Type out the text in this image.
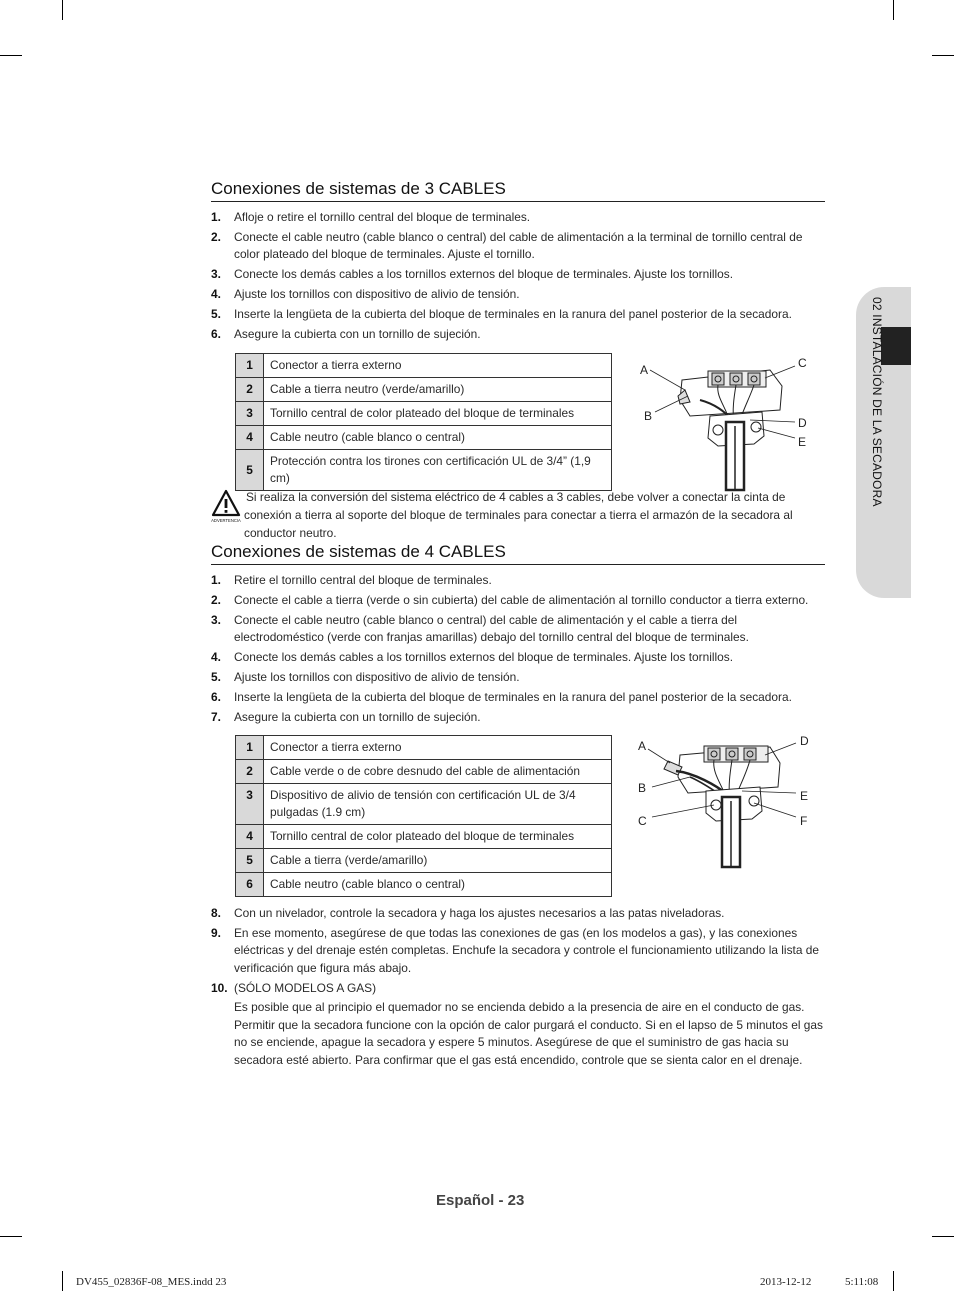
02 INSTALACIÓN DE LA SECADORA
Conexiones de sistemas de 3 CABLES
1. Afloje o retire el tornillo central del bloque de terminales.
2. Conecte el cable neutro (cable blanco o central) del cable de alimentación a la terminal de tornillo central de color plateado del bloque de terminales. Ajuste el tornillo.
3. Conecte los demás cables a los tornillos externos del bloque de terminales. Ajuste los tornillos.
4. Ajuste los tornillos con dispositivo de alivio de tensión.
5. Inserte la lengüeta de la cubierta del bloque de terminales en la ranura del panel posterior de la secadora.
6. Asegure la cubierta con un tornillo de sujeción.
1	Conector a tierra externo
2	Cable a tierra neutro (verde/amarillo)
3	Tornillo central de color plateado del bloque de terminales
4	Cable neutro (cable blanco o central)
5	Protección contra los tirones con certificación UL de 3/4” (1,9 cm)
A
B
C
D
E
ADVERTENCIA
Si realiza la conversión del sistema eléctrico de 4 cables a 3 cables, debe volver a conectar la cinta de conexión a tierra al soporte del bloque de terminales para conectar a tierra el armazón de la secadora al conductor neutro.
Conexiones de sistemas de 4 CABLES
1. Retire el tornillo central del bloque de terminales.
2. Conecte el cable a tierra (verde o sin cubierta) del cable de alimentación al tornillo conductor a tierra externo.
3. Conecte el cable neutro (cable blanco o central) del cable de alimentación y el cable a tierra del electrodoméstico (verde con franjas amarillas) debajo del tornillo central del bloque de terminales.
4. Conecte los demás cables a los tornillos externos del bloque de terminales. Ajuste los tornillos.
5. Ajuste los tornillos con dispositivo de alivio de tensión.
6. Inserte la lengüeta de la cubierta del bloque de terminales en la ranura del panel posterior de la secadora.
7. Asegure la cubierta con un tornillo de sujeción.
1	Conector a tierra externo
2	Cable verde o de cobre desnudo del cable de alimentación
3	Dispositivo de alivio de tensión con certificación UL de 3/4 pulgadas (1.9 cm)
4	Tornillo central de color plateado del bloque de terminales
5	Cable a tierra (verde/amarillo)
6	Cable neutro (cable blanco o central)
A
B
C
D
E
F
8. Con un nivelador, controle la secadora y haga los ajustes necesarios a las patas niveladoras.
9. En ese momento, asegúrese de que todas las conexiones de gas (en los modelos a gas), y las conexiones eléctricas y del drenaje estén completas. Enchufe la secadora y controle el funcionamiento utilizando la lista de verificación que figura más abajo.
10. (SÓLO MODELOS A GAS)
Es posible que al principio el quemador no se encienda debido a la presencia de aire en el conducto de gas. Permitir que la secadora funcione con la opción de calor purgará el conducto. Si en el lapso de 5 minutos el gas no se enciende, apague la secadora y espere 5 minutos. Asegúrese de que el suministro de gas hacia su secadora esté abierto. Para confirmar que el gas está encendido, controle que se sienta calor en el drenaje.
Español - 23
DV455_02836F-08_MES.indd 23	2013-12-12	5:11:08
